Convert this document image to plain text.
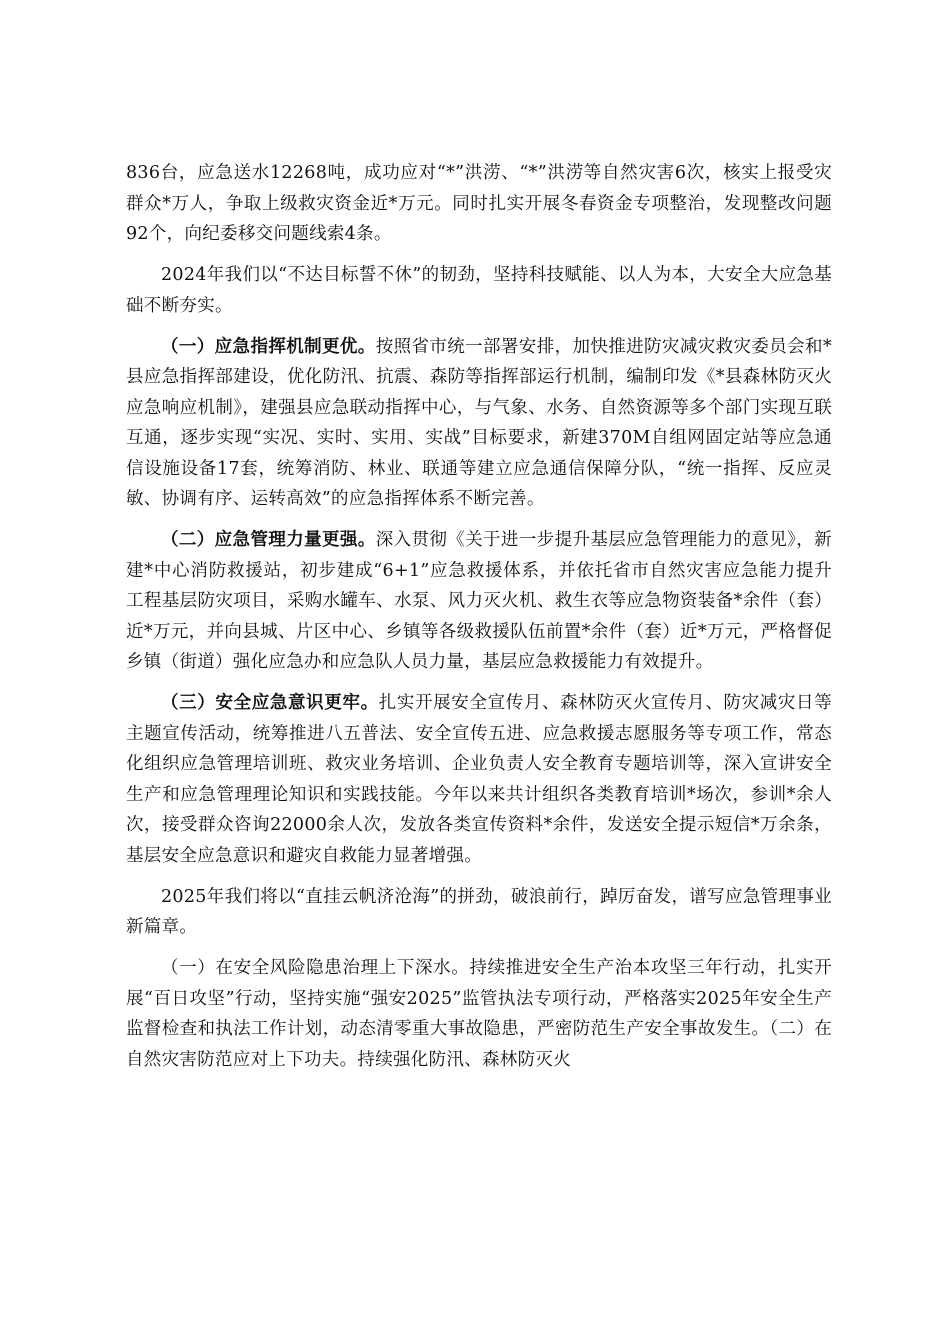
836台，应急送水12268吨，成功应对“*”洪涝、“*”洪涝等自然灾害6次，核实上报受灾群众*万人，争取上级救灾资金近*万元。同时扎实开展冬春资金专项整治，发现整改问题92个，向纪委移交问题线索4条。

2024年我们以“不达目标誓不休”的韧劲，坚持科技赋能、以人为本，大安全大应急基础不断夯实。

（一）应急指挥机制更优。按照省市统一部署安排，加快推进防灾减灾救灾委员会和*县应急指挥部建设，优化防汛、抗震、森防等指挥部运行机制，编制印发《*县森林防灭火应急响应机制》，建强县应急联动指挥中心，与气象、水务、自然资源等多个部门实现互联互通，逐步实现“实况、实时、实用、实战”目标要求，新建370M自组网固定站等应急通信设施设备17套，统筹消防、林业、联通等建立应急通信保障分队，“统一指挥、反应灵敏、协调有序、运转高效”的应急指挥体系不断完善。

（二）应急管理力量更强。深入贯彻《关于进一步提升基层应急管理能力的意见》，新建*中心消防救援站，初步建成“6+1”应急救援体系，并依托省市自然灾害应急能力提升工程基层防灾项目，采购水罐车、水泵、风力灭火机、救生衣等应急物资装备*余件（套）近*万元，并向县城、片区中心、乡镇等各级救援队伍前置*余件（套）近*万元，严格督促乡镇（街道）强化应急办和应急队人员力量，基层应急救援能力有效提升。

（三）安全应急意识更牢。扎实开展安全宣传月、森林防灭火宣传月、防灾减灾日等主题宣传活动，统筹推进八五普法、安全宣传五进、应急救援志愿服务等专项工作，常态化组织应急管理培训班、救灾业务培训、企业负责人安全教育专题培训等，深入宣讲安全生产和应急管理理论知识和实践技能。今年以来共计组织各类教育培训*场次，参训*余人次，接受群众咨询22000余人次，发放各类宣传资料*余件，发送安全提示短信*万余条，基层安全应急意识和避灾自救能力显著增强。

2025年我们将以“直挂云帆济沧海”的拼劲，破浪前行，踔厉奋发，谱写应急管理事业新篇章。

（一）在安全风险隐患治理上下深水。持续推进安全生产治本攻坚三年行动，扎实开展“百日攻坚”行动，坚持实施“强安2025”监管执法专项行动，严格落实2025年安全生产监督检查和执法工作计划，动态清零重大事故隐患，严密防范生产安全事故发生。（二）在自然灾害防范应对上下功夫。持续强化防汛、森林防灭火
